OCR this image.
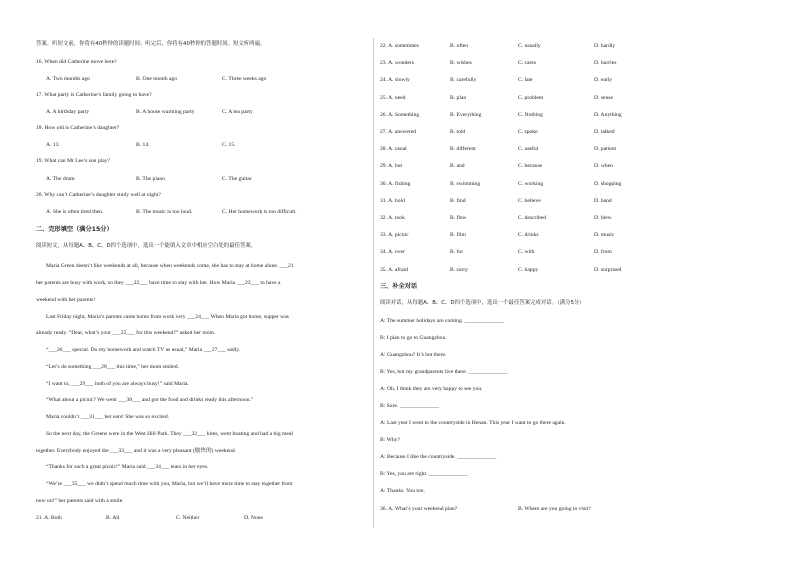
答案。听短文前，你将有40秒钟的读题时间；听完后，你将有40秒钟的答题时间。短文听两遍。
16. When did Catherine move here?
A. Two months ago	B. One month ago	C. Three weeks ago
17. What party is Catherine’s family going to have?
A. A birthday party	B. A house warming party	C. A tea party
18. How old is Catherine’s daughter?
A. 13.	B. 14.	C. 15.
19. What can Mr Lee’s son play?
A. The drum	B. The piano	C. The guitar
20. Why can’t Catherine’s daughter study well at night?
A. She is often tired then.	B. The music is too loud.	C. Her homework is too difficult.
二、完形填空（满分15分）
阅读短文，从每题A、B、C、D四个选项中，选出一个能填入文章中相应空白处的最佳答案。
Maria Green doesn’t like weekends at all, because when weekends come, she has to stay at home alone. ___21
her parents are busy with work, so they ___22___ have time to stay with her. How Maria ___23___ to have a
weekend with her parents!
Last Friday night, Maria’s parents came home from work very ___24___ When Maria got home, supper was
already ready. “Dear, what’s your ___25___ for this weekend?” asked her mom.
“___26___ special. Do my homework and watch TV as usual,” Maria ___27___ sadly.
“Let’s do something ___28___ this time,” her mom smiled.
“I want to, ___29___ both of you are always busy!” said Maria.
“What about a picnic? We went ___30___ and got the food and drinks ready this afternoon.”
Maria couldn’t ___31___ her ears! She was so excited.
So the next day, the Greens were in the West Hill Park. They ___32___ kites, went boating and had a big meal
together. Everybody enjoyed the ___33___ and it was a very pleasant (愉快的) weekend.
“Thanks for such a great picnic!” Maria said ___34___ tears in her eyes.
“We’re ___35___ we didn’t spend much time with you, Maria, but we’ll have more time to stay together from
now on!” her parents said with a smile.
21. A. Both	B. All	C. Neither	D. None
22. A. sometimes	B. often	C. usually	D. hardly
23. A. wonders	B. wishes	C. cares	D. hurries
24. A. slowly	B. carefully	C. late	D. early
25. A. need	B. plan	C. problem	D. sense
26. A. Something	B. Everything	C. Nothing	D. Anything
27. A. answered	B. told	C. spoke	D. talked
28. A. usual	B. different	C. useful	D. patient
29. A. but	B. and	C. because	D. when
30. A. fishing	B. swimming	C. working	D. shopping
31. A. hold	B. find	C. believe	D. hand
32. A. took	B. flew	C. described	D. blew
33. A. picnic	B. film	C. drinks	D. music
34. A. over	B. for	C. with	D. from
35. A. afraid	B. sorry	C. happy	D. surprised
三、补全对话
阅读对话，从每题A、B、C、D四个选项中，选出一个最佳答案完成对话。（满分5分）
A: The summer holidays are coming. ______________
B: I plan to go to Guangzhou.
A: Guangzhou? It’s hot there.
B: Yes, but my grandparents live there. ______________
A: Oh, I think they are very happy to see you.
B: Sure. ______________
A: Last year I went to the countryside in Henan. This year I want to go there again.
B: Why?
A: Because I like the countryside. ______________
B: Yes, you are right. ______________
A: Thanks. You too.
36. A. What’s your weekend plan?	B. Where are you going to visit?
